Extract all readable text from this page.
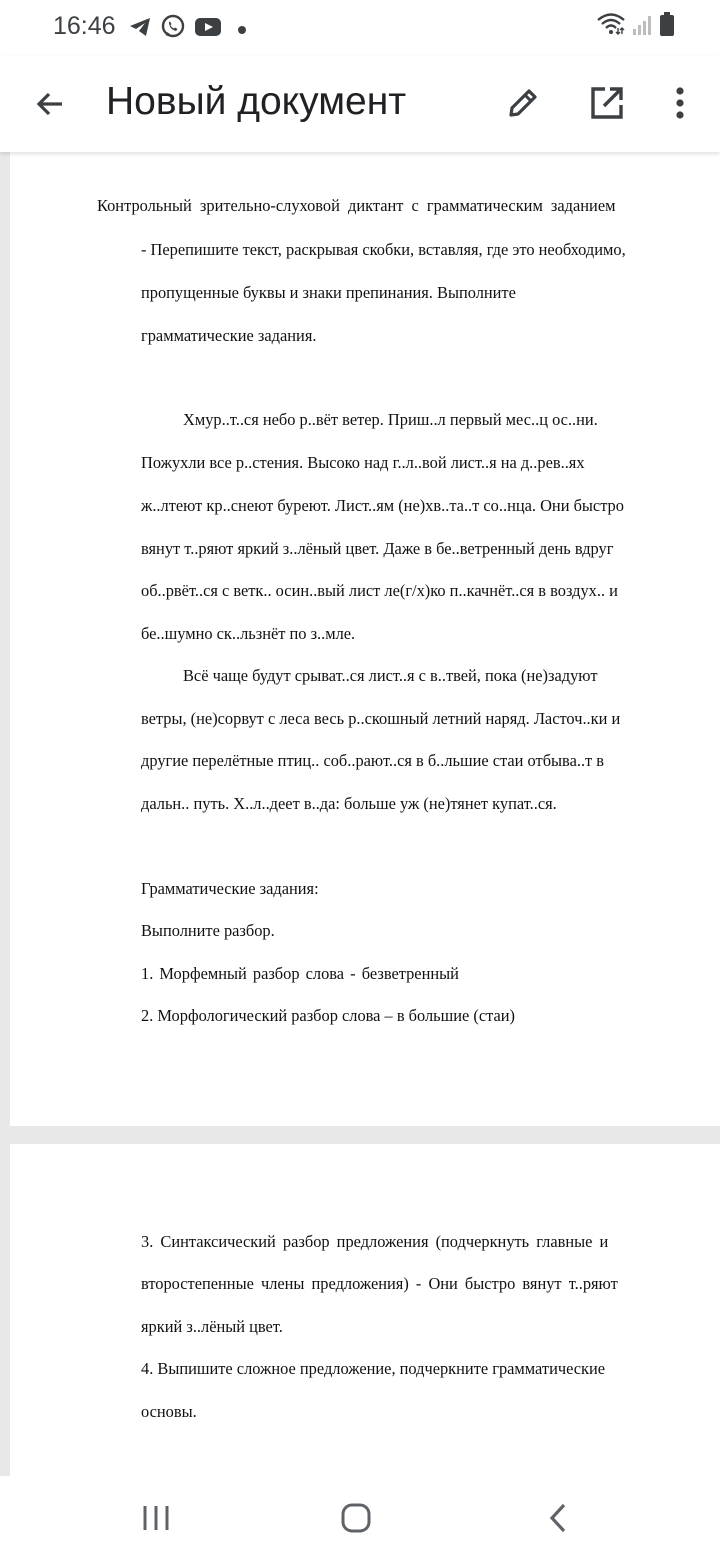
16:46
Новый документ
Контрольный зрительно-слуховой диктант с грамматическим заданием
- Перепишите текст, раскрывая скобки, вставляя, где это необходимо,
пропущенные буквы и знаки препинания. Выполните
грамматические задания.
Хмур..т..ся небо р..вёт ветер. Приш..л первый мес..ц ос..ни.
Пожухли все р..стения. Высоко над г..л..вой лист..я на д..рев..ях
ж..лтеют кр..снеют буреют. Лист..ям (не)хв..та..т со..нца. Они быстро
вянут т..ряют яркий з..лёный цвет. Даже в бе..ветренный день вдруг
об..рвёт..ся с ветк.. осин..вый лист ле(г/х)ко п..качнёт..ся в воздух.. и
бе..шумно ск..льзнёт по з..мле.
Всё чаще будут срыват..ся лист..я с в..твей, пока (не)задуют
ветры, (не)сорвут с леса весь р..скошный летний наряд. Ласточ..ки и
другие перелётные птиц.. соб..рают..ся в б..льшие стаи отбыва..т в
дальн.. путь. Х..л..деет в..да: больше уж (не)тянет купат..ся.
Грамматические задания:
Выполните разбор.
1. Морфемный разбор слова - безветренный
2. Морфологический разбор слова – в большие (стаи)
3. Синтаксический разбор предложения (подчеркнуть главные и
второстепенные члены предложения) - Они быстро вянут т..ряют
яркий з..лёный цвет.
4. Выпишите сложное предложение, подчеркните грамматические
основы.
